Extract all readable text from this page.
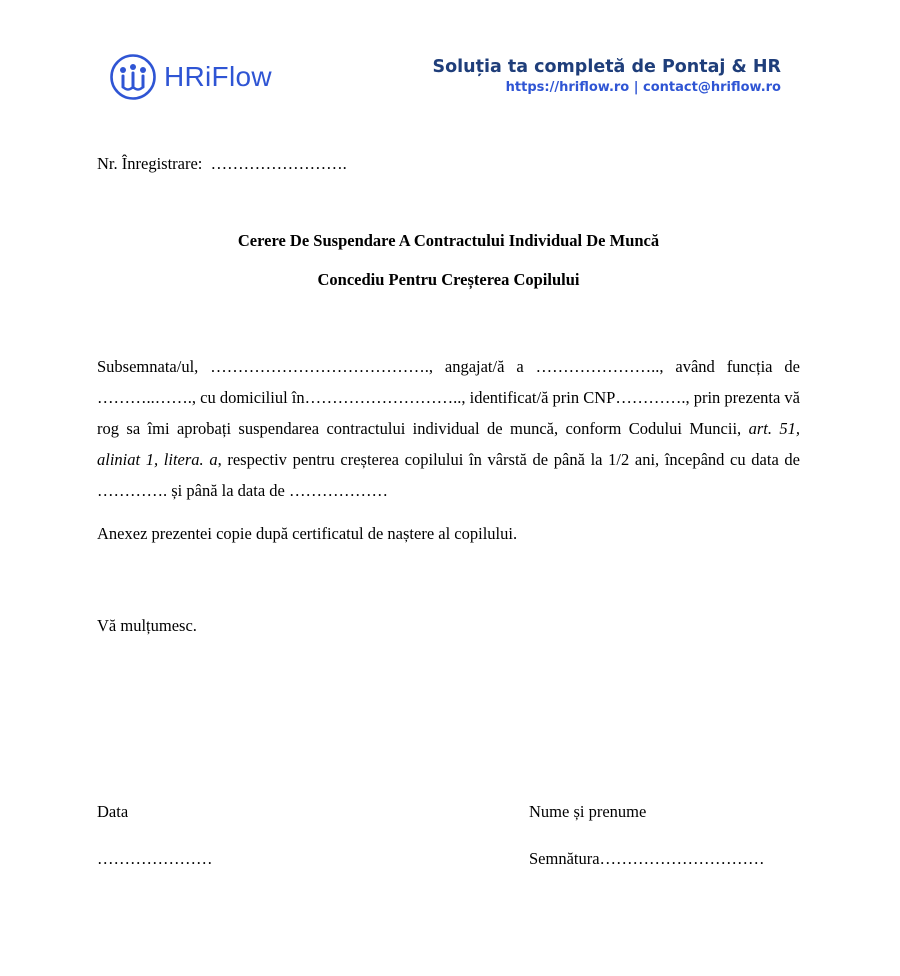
HRiFlow	Soluția ta completă de Pontaj & HR
https://hriflow.ro | contact@hriflow.ro
Nr. Înregistrare: …………………….
Cerere De Suspendare A Contractului Individual De Muncă
Concediu Pentru Creșterea Copilului
Subsemnata/ul, …………………………………., angajat/ă a ………………….., având funcția de ………..……., cu domiciliul în……………………….., identificat/ă prin CNP…………., prin prezenta vă rog sa îmi aprobați suspendarea contractului individual de muncă, conform Codului Muncii, art. 51, aliniat 1, litera. a, respectiv pentru creșterea copilului în vârstă de până la 1/2 ani, începând cu data de …………. și până la data de ………………
Anexez prezentei copie după certificatul de naștere al copilului.
Vă mulțumesc.
Data
…………………
Nume și prenume
Semnătura…………………………
